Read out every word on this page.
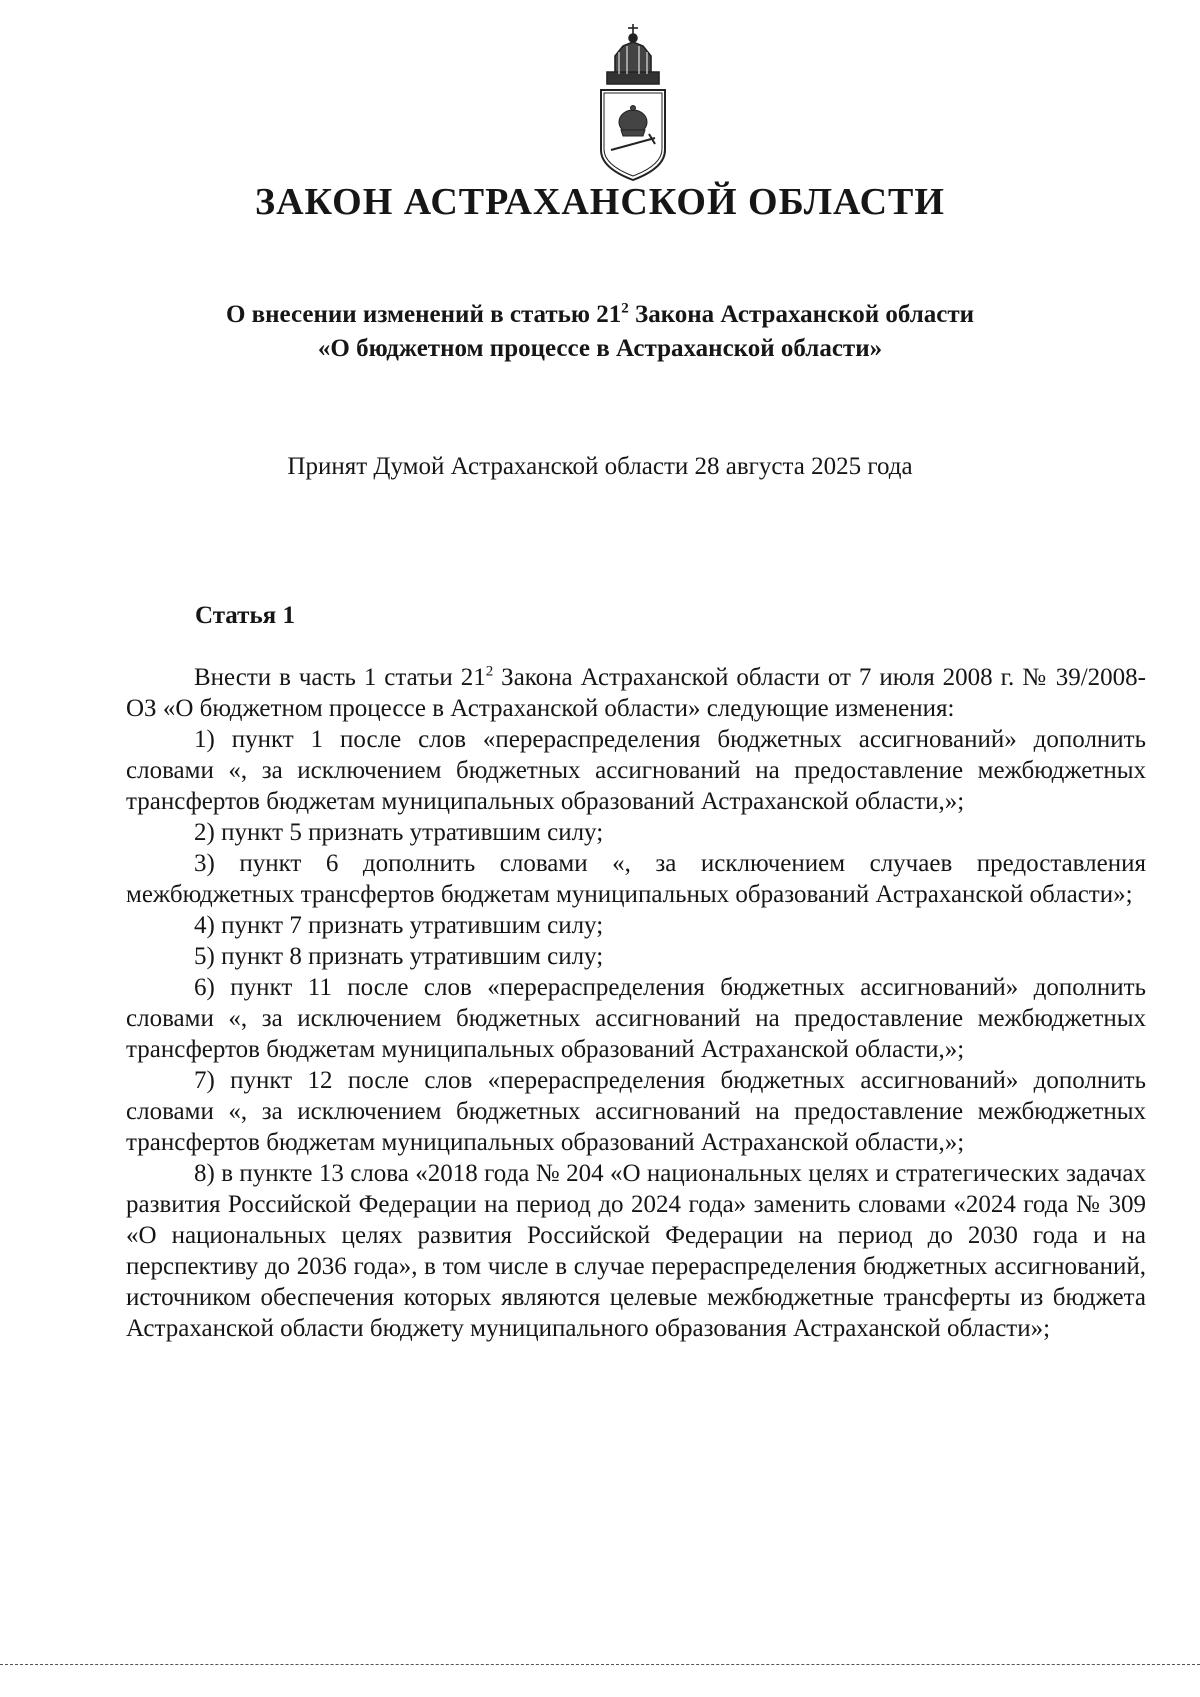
ЗАКОН АСТРАХАНСКОЙ ОБЛАСТИ
О внесении изменений в статью $21^2$ Закона Астраханской области
«О бюджетном процессе в Астраханской области»
Принят Думой Астраханской области 28 августа 2025 года
Статья 1

Внести в часть 1 статьи $21^2$ Закона Астраханской области от 7 июля 2008 г. № 39/2008-ОЗ «О бюджетном процессе в Астраханской области» следующие изменения:

1) пункт 1 после слов «перераспределения бюджетных ассигнований» дополнить словами «, за исключением бюджетных ассигнований на предоставление межбюджетных трансфертов бюджетам муниципальных образований Астраханской области,»;

2) пункт 5 признать утратившим силу;

3) пункт 6 дополнить словами «, за исключением случаев предоставления межбюджетных трансфертов бюджетам муниципальных образований Астраханской области»;

4) пункт 7 признать утратившим силу;

5) пункт 8 признать утратившим силу;

6) пункт 11 после слов «перераспределения бюджетных ассигнований» дополнить словами «, за исключением бюджетных ассигнований на предоставление межбюджетных трансфертов бюджетам муниципальных образований Астраханской области,»;

7) пункт 12 после слов «перераспределения бюджетных ассигнований» дополнить словами «, за исключением бюджетных ассигнований на предоставление межбюджетных трансфертов бюджетам муниципальных образований Астраханской области,»;

8) в пункте 13 слова «2018 года № 204 «О национальных целях и стратегических задачах развития Российской Федерации на период до 2024 года» заменить словами «2024 года № 309 «О национальных целях развития Российской Федерации на период до 2030 года и на перспективу до 2036 года», в том числе в случае перераспределения бюджетных ассигнований, источником обеспечения которых являются целевые межбюджетные трансферты из бюджета Астраханской области бюджету муниципального образования Астраханской области»;
